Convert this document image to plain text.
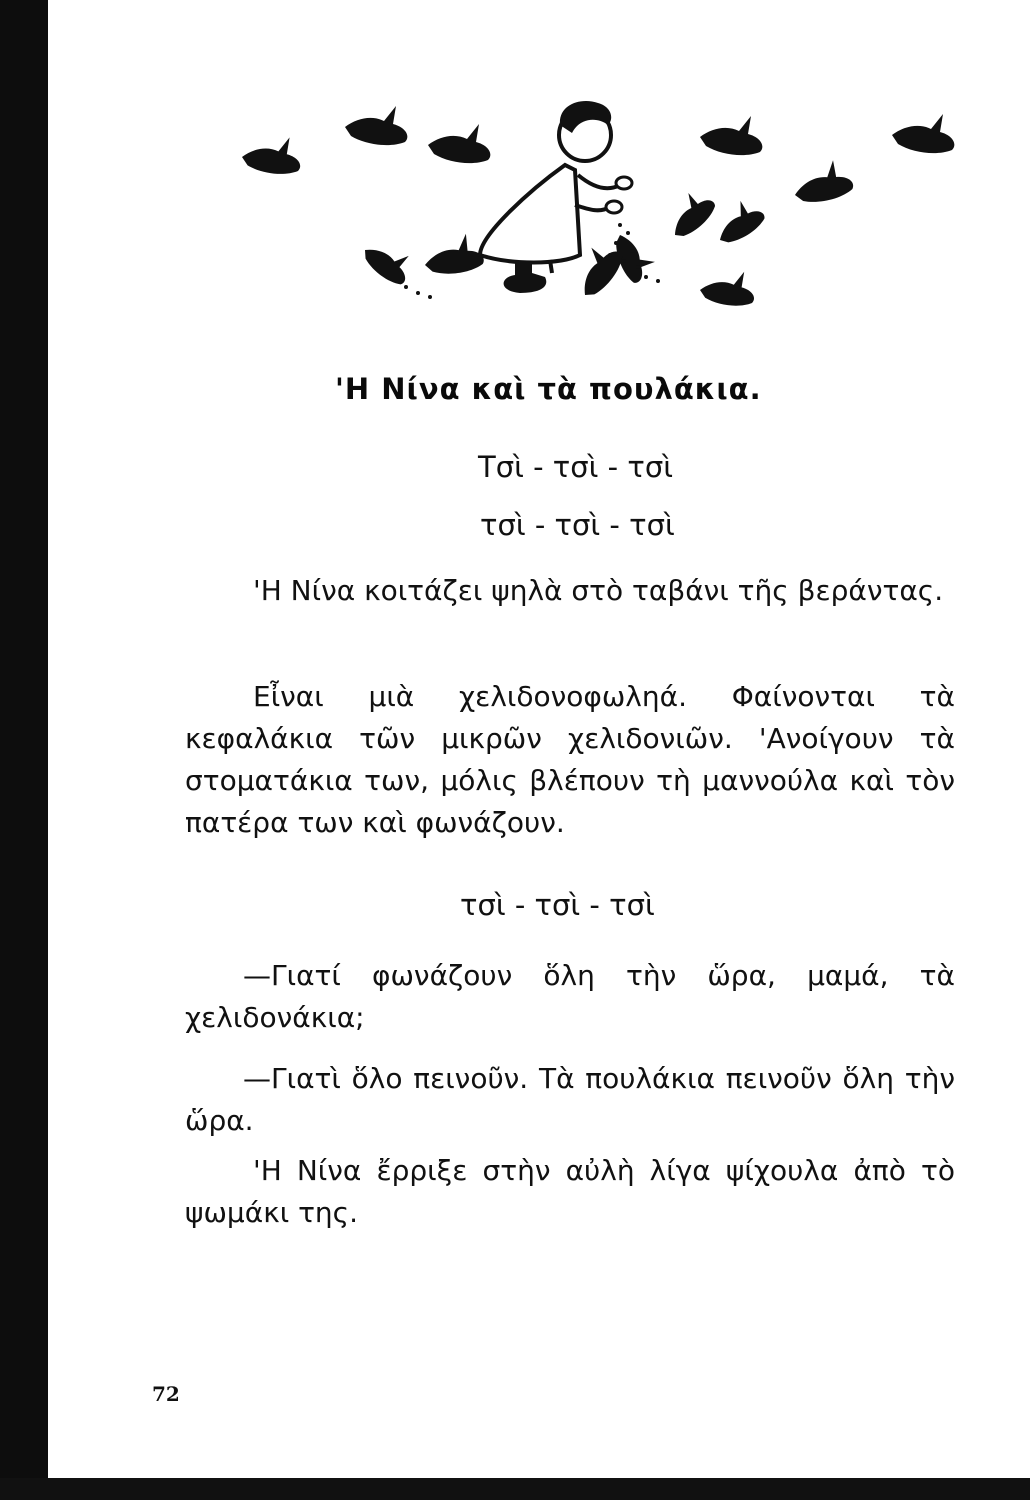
'Η Νίνα καὶ τὰ πουλάκια.
Τσὶ - τσὶ - τσὶ
τσὶ - τσὶ - τσὶ
'Η Νίνα κοιτάζει ψηλὰ στὸ ταβάνι τῆς βεράντας.
Εἶναι μιὰ χελιδονοφωληά. Φαίνονται τὰ κεφαλάκια τῶν μικρῶν χελιδονιῶν. 'Ανοίγουν τὰ στοματάκια των, μόλις βλέπουν τὴ μαννούλα καὶ τὸν πατέρα των καὶ φωνάζουν.
τσὶ - τσὶ - τσὶ
—Γιατί φωνάζουν ὅλη τὴν ὥρα, μαμά, τὰ χελιδονάκια;
—Γιατὶ ὅλο πεινοῦν. Τὰ πουλάκια πεινοῦν ὅλη τὴν ὥρα.
'Η Νίνα ἔρριξε στὴν αὐλὴ λίγα ψίχουλα ἀπὸ τὸ ψωμάκι της.
72
